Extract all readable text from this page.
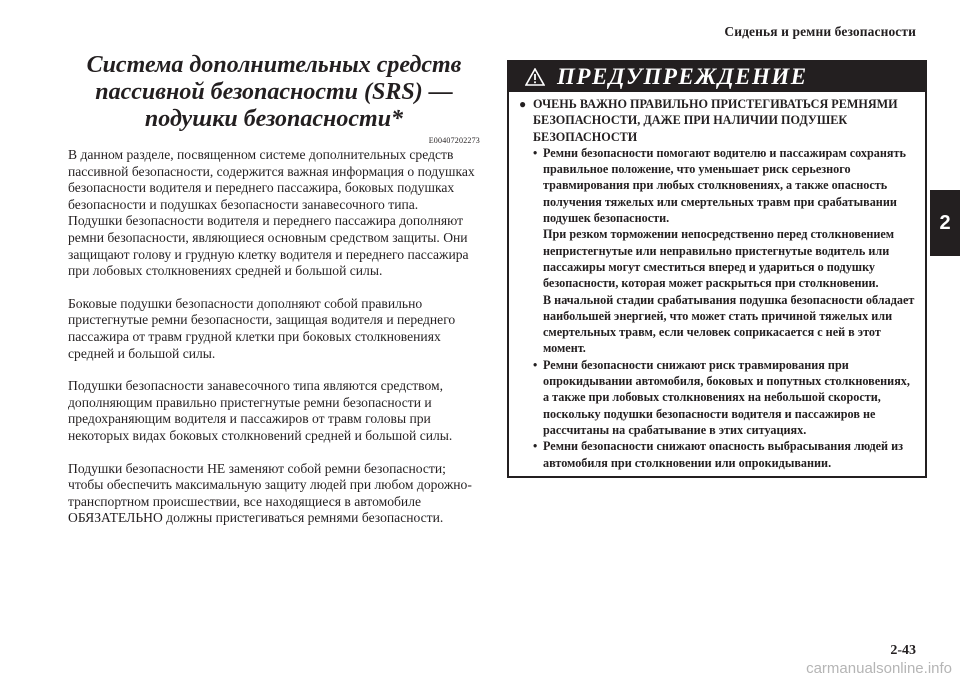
Сиденья и ремни безопасности
2
Система дополнительных средств
пассивной безопасности (SRS) —
подушки безопасности*
E00407202273

В данном разделе, посвященном системе дополнительных средств пассивной безопасности, содержится важная информация о подушках безопасности водителя и переднего пассажира, боковых подушках безопасности и подушках безопасности занавесочного типа.

Подушки безопасности водителя и переднего пассажира дополняют ремни безопасности, являющиеся основным средством защиты. Они защищают голову и грудную клетку водителя и переднего пассажира при лобовых столкновениях средней и большой силы.

Боковые подушки безопасности дополняют собой правильно пристегнутые ремни безопасности, защищая водителя и переднего пассажира от травм грудной клетки при боковых столкновениях средней и большой силы.

Подушки безопасности занавесочного типа являются средством, дополняющим правильно пристегнутые ремни безопасности и предохраняющим водителя и пассажиров от травм головы при некоторых видах боковых столкновений средней и большой силы.

Подушки безопасности НЕ заменяют собой ремни безопасности; чтобы обеспечить максимальную защиту людей при любом дорожно-транспортном происшествии, все находящиеся в автомобиле ОБЯЗАТЕЛЬНО должны пристегиваться ремнями безопасности.

ПРЕДУПРЕЖДЕНИЕ
● ОЧЕНЬ ВАЖНО ПРАВИЛЬНО ПРИСТЕГИВАТЬСЯ РЕМНЯМИ БЕЗОПАСНОСТИ, ДАЖЕ ПРИ НАЛИЧИИ ПОДУШЕК БЕЗОПАСНОСТИ
• Ремни безопасности помогают водителю и пассажирам сохранять правильное положение, что уменьшает риск серьезного травмирования при любых столкновениях, а также опасность получения тяжелых или смертельных травм при срабатывании подушек безопасности.

При резком торможении непосредственно перед столкновением непристегнутые или неправильно пристегнутые водитель или пассажиры могут сместиться вперед и удариться о подушку безопасности, которая может раскрыться при столкновении.

В начальной стадии срабатывания подушка безопасности обладает наибольшей энергией, что может стать причиной тяжелых или смертельных травм, если человек соприкасается с ней в этот момент.

• Ремни безопасности снижают риск травмирования при опрокидывании автомобиля, боковых и попутных столкновениях, а также при лобовых столкновениях на небольшой скорости, поскольку подушки безопасности водителя и пассажиров не рассчитаны на срабатывание в этих ситуациях.

• Ремни безопасности снижают опасность выбрасывания людей из автомобиля при столкновении или опрокидывании.

2-43
carmanualsonline.info
